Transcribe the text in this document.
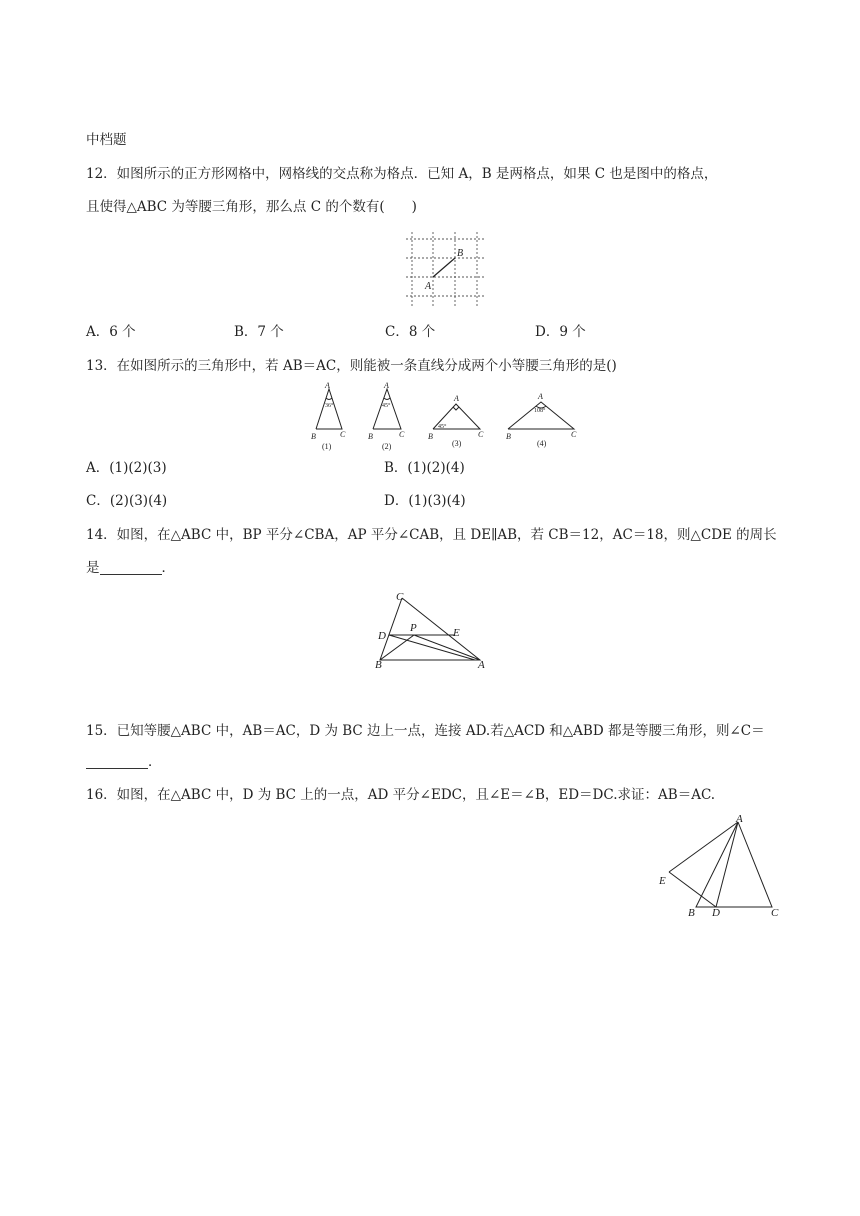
中档题
12．如图所示的正方形网格中，网格线的交点称为格点．已知 A，B 是两格点，如果 C 也是图中的格点，
且使得△ABC 为等腰三角形，那么点 C 的个数有(　　)
A
B
A．6 个	B．7 个	C．8 个	D．9 个
13．在如图所示的三角形中，若 AB＝AC，则能被一条直线分成两个小等腰三角形的是()
A
36°
B	C
(1)
A
45°
B	C
(2)
A
45°
B	C
(3)
A
108°
B	C
(4)
A．(1)(2)(3)	B．(1)(2)(4)
C．(2)(3)(4)	D．(1)(3)(4)
14．如图，在△ABC 中，BP 平分∠CBA，AP 平分∠CAB，且 DE∥AB，若 CB＝12，AC＝18，则△CDE 的周长
是	．
C
D
P	E
B	A
15．已知等腰△ABC 中，AB＝AC，D 为 BC 边上一点，连接 AD.若△ACD 和△ABD 都是等腰三角形，则∠C＝
．
16．如图，在△ABC 中，D 为 BC 上的一点，AD 平分∠EDC，且∠E＝∠B，ED＝DC.求证：AB＝AC.
A
E
B D	C
